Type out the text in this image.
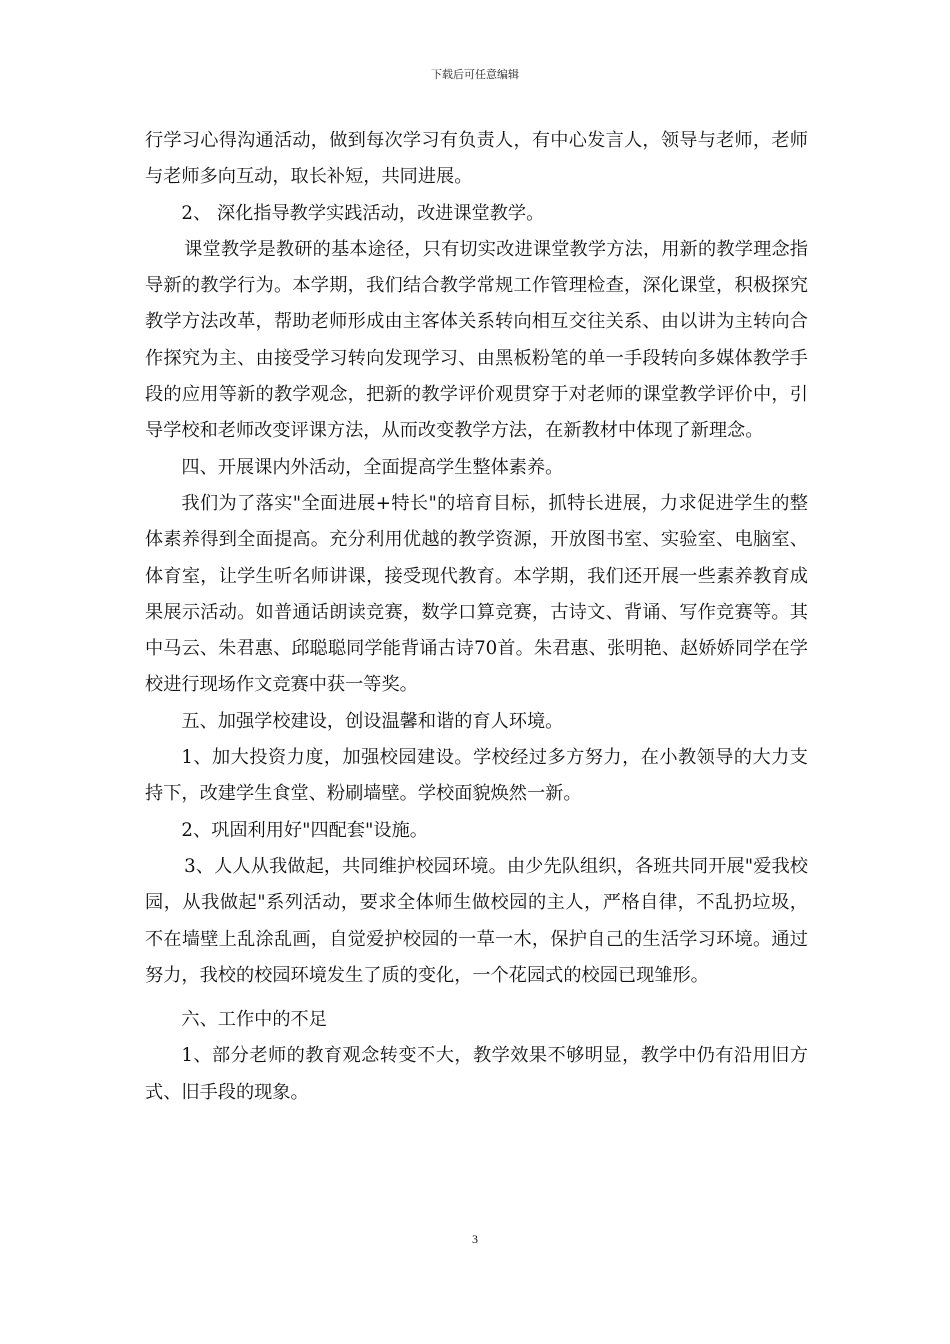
下载后可任意编辑

行学习心得沟通活动，做到每次学习有负责人，有中心发言人，领导与老师，老师与老师多向互动，取长补短，共同进展。

2、 深化指导教学实践活动，改进课堂教学。

课堂教学是教研的基本途径，只有切实改进课堂教学方法，用新的教学理念指导新的教学行为。本学期，我们结合教学常规工作管理检查，深化课堂，积极探究教学方法改革，帮助老师形成由主客体关系转向相互交往关系、由以讲为主转向合作探究为主、由接受学习转向发现学习、由黑板粉笔的单一手段转向多媒体教学手段的应用等新的教学观念，把新的教学评价观贯穿于对老师的课堂教学评价中，引导学校和老师改变评课方法，从而改变教学方法，在新教材中体现了新理念。

四、开展课内外活动，全面提高学生整体素养。

我们为了落实"全面进展+特长"的培育目标，抓特长进展，力求促进学生的整体素养得到全面提高。充分利用优越的教学资源，开放图书室、实验室、电脑室、体育室，让学生听名师讲课，接受现代教育。本学期，我们还开展一些素养教育成果展示活动。如普通话朗读竞赛，数学口算竞赛，古诗文、背诵、写作竞赛等。其中马云、朱君惠、邱聪聪同学能背诵古诗70首。朱君惠、张明艳、赵娇娇同学在学校进行现场作文竞赛中获一等奖。

五、加强学校建设，创设温馨和谐的育人环境。

1、加大投资力度，加强校园建设。学校经过多方努力，在小教领导的大力支持下，改建学生食堂、粉刷墙壁。学校面貌焕然一新。

2、巩固利用好"四配套"设施。

3、人人从我做起，共同维护校园环境。由少先队组织，各班共同开展"爱我校园，从我做起"系列活动，要求全体师生做校园的主人，严格自律，不乱扔垃圾，不在墙壁上乱涂乱画，自觉爱护校园的一草一木，保护自己的生活学习环境。通过努力，我校的校园环境发生了质的变化，一个花园式的校园已现雏形。

六、工作中的不足

1、部分老师的教育观念转变不大，教学效果不够明显，教学中仍有沿用旧方式、旧手段的现象。

3
